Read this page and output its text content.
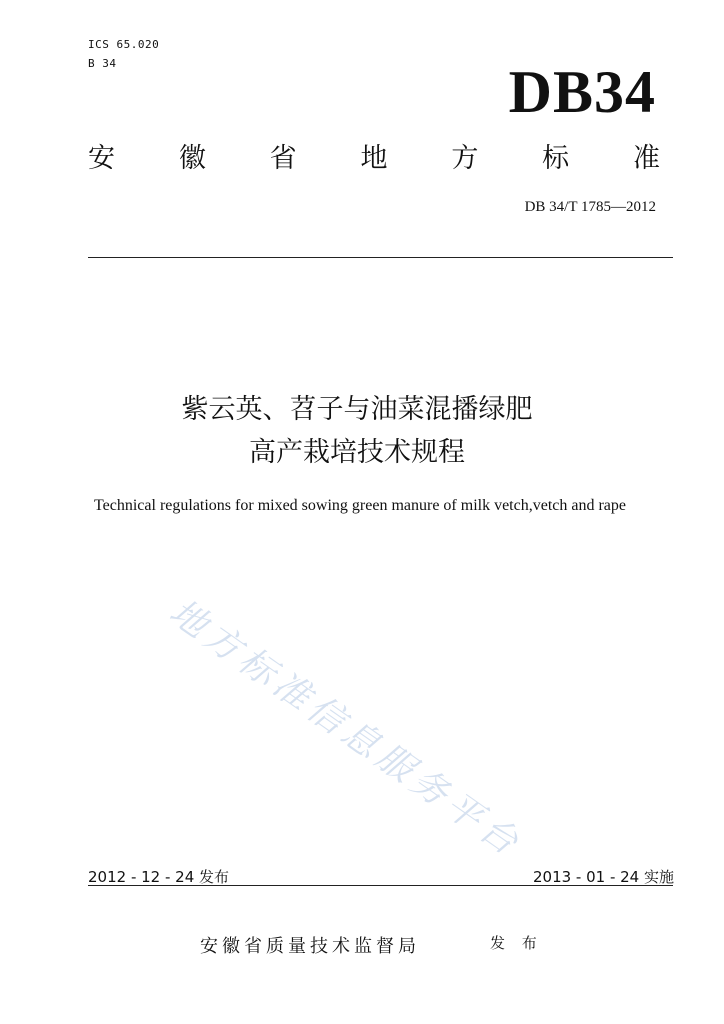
ICS 65.020
B 34	DB34
安 徽 省 地 方 标 准
DB 34/T 1785—2012
紫云英、苕子与油菜混播绿肥
高产栽培技术规程
Technical regulations for mixed sowing green manure of milk vetch,vetch and rape
地方标准信息服务平台
2012 - 12 - 24 发布	2013 - 01 - 24 实施
安徽省质量技术监督局	发 布
